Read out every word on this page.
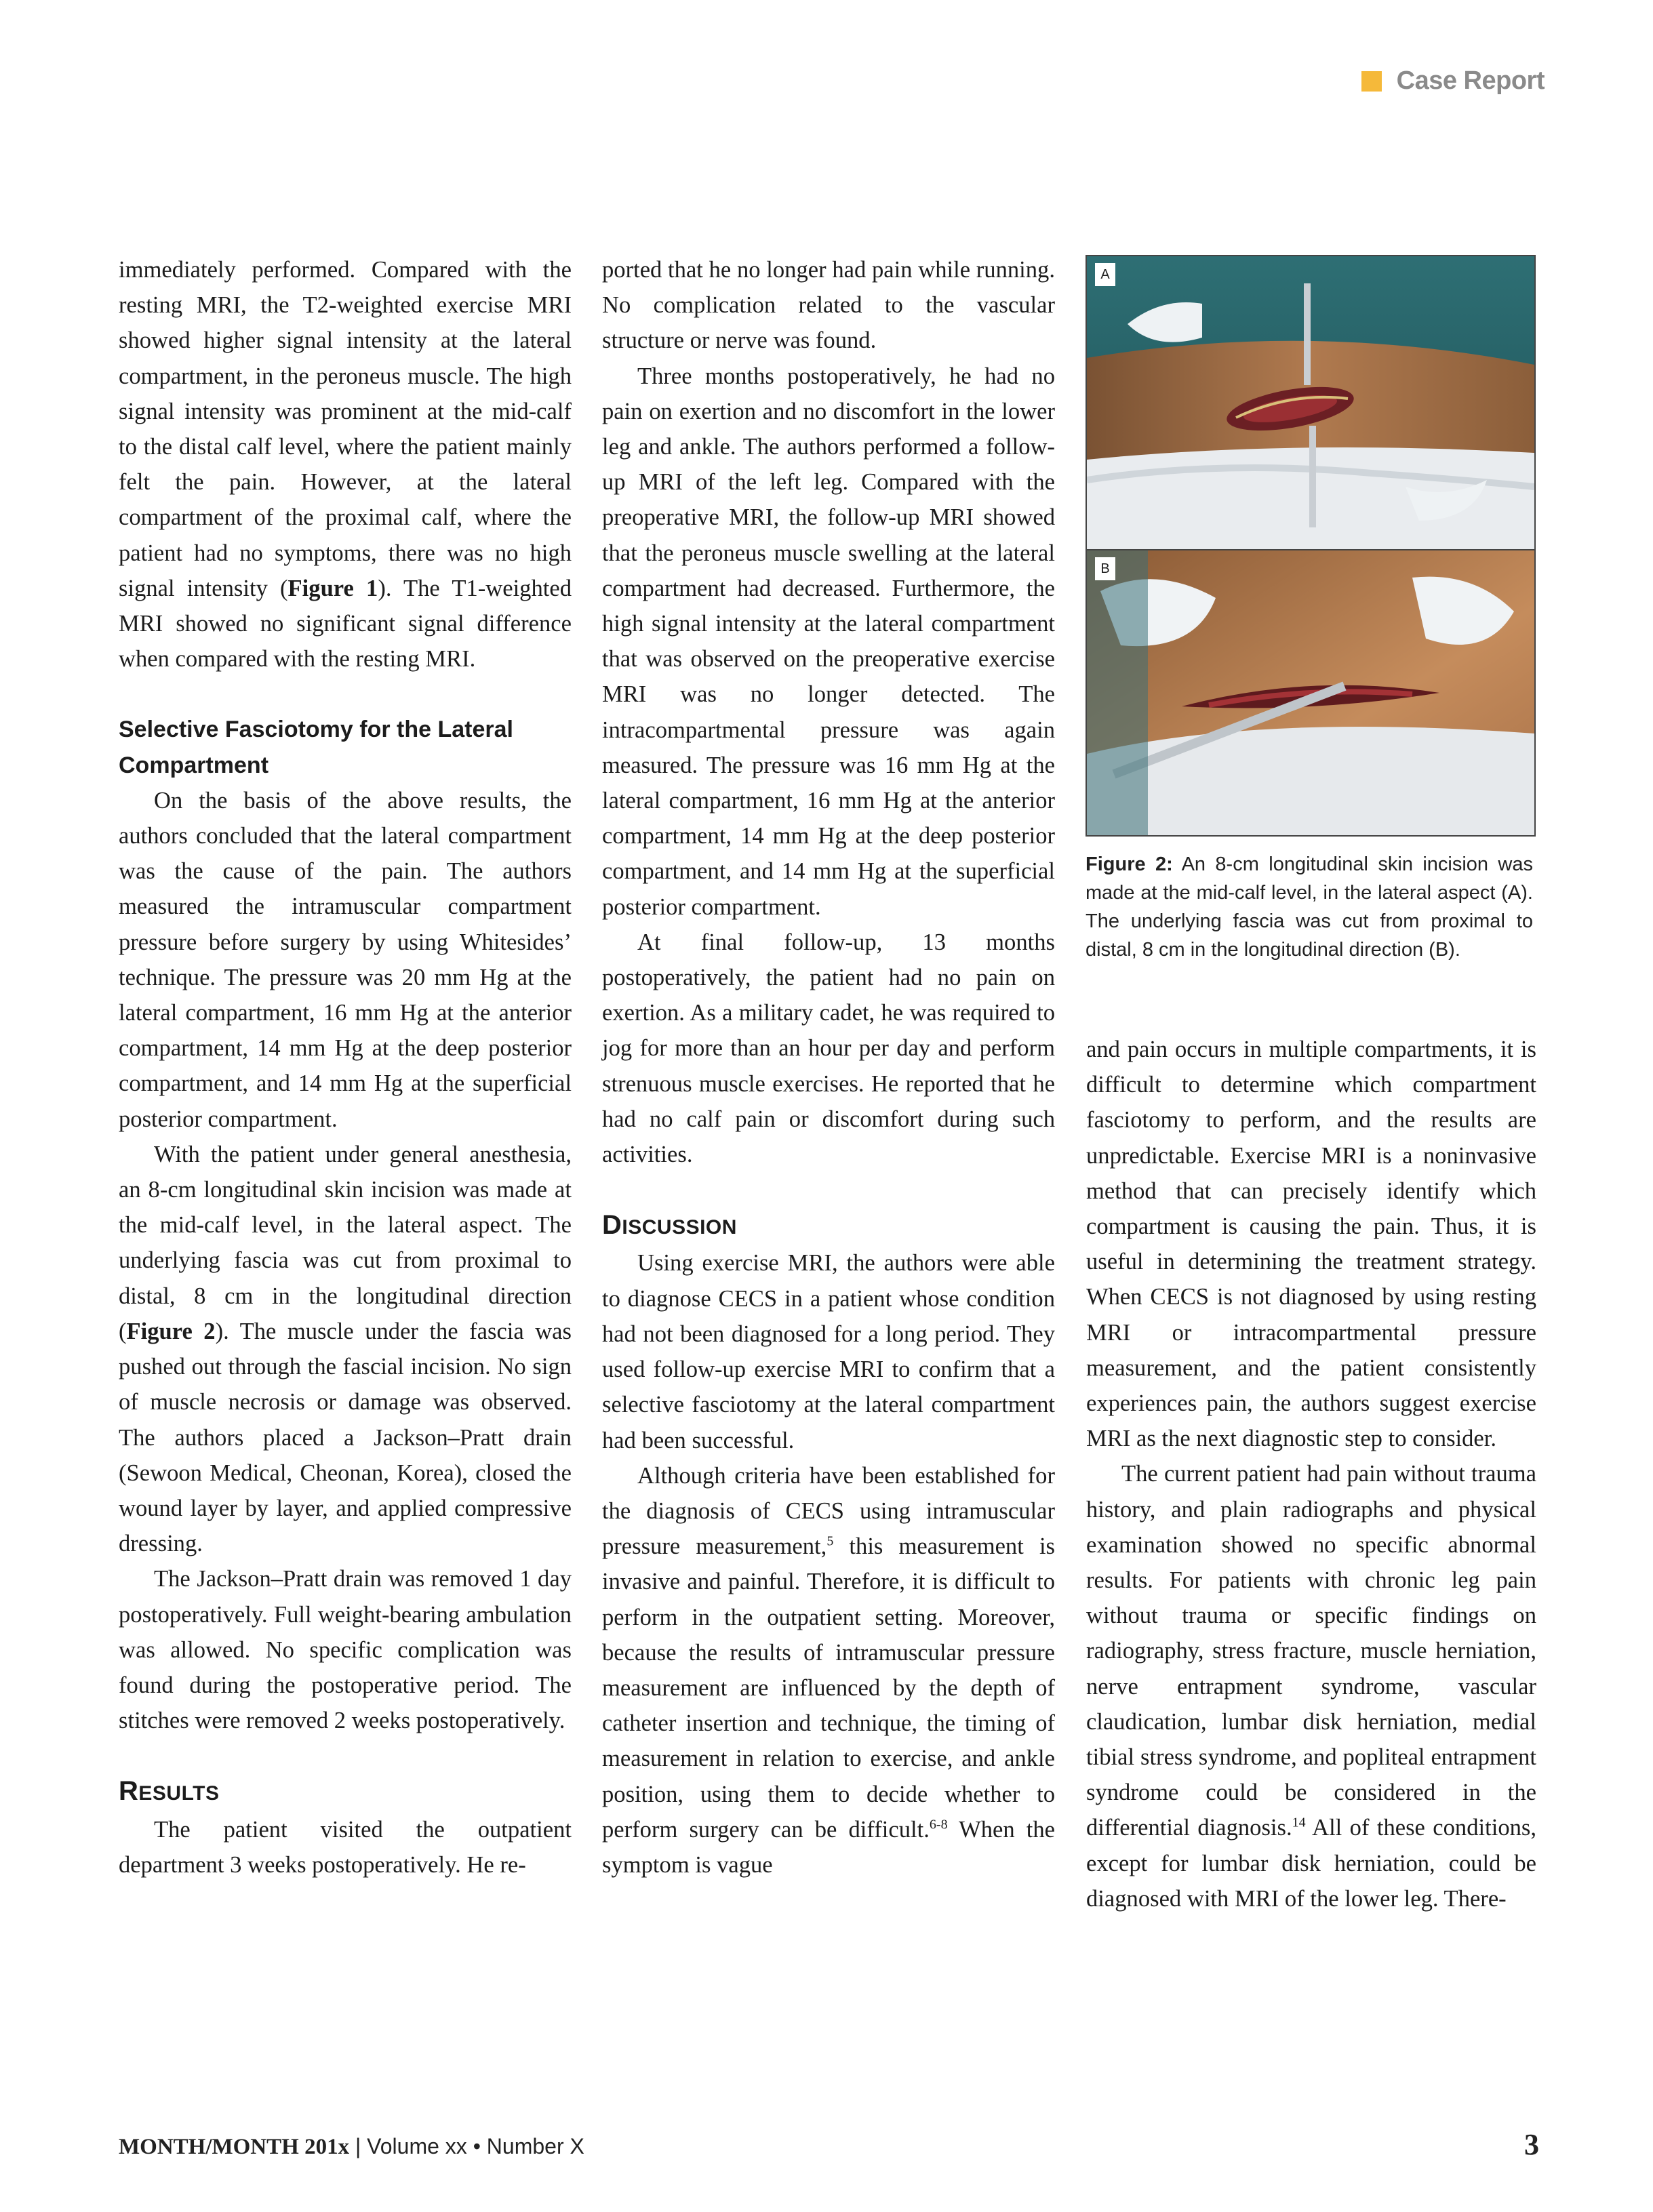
Case Report

immediately performed. Compared with the resting MRI, the T2-weighted exercise MRI showed higher signal intensity at the lateral compartment, in the peroneus muscle. The high signal intensity was prominent at the mid-calf to the distal calf level, where the patient mainly felt the pain. However, at the lateral compartment of the proximal calf, where the patient had no symptoms, there was no high signal intensity (Figure 1). The T1-weighted MRI showed no significant signal difference when compared with the resting MRI.

Selective Fasciotomy for the Lateral Compartment

On the basis of the above results, the authors concluded that the lateral compartment was the cause of the pain. The authors measured the intramuscular compartment pressure before surgery by using Whitesides’ technique. The pressure was 20 mm Hg at the lateral compartment, 16 mm Hg at the anterior compartment, 14 mm Hg at the deep posterior compartment, and 14 mm Hg at the superficial posterior compartment.

With the patient under general anesthesia, an 8-cm longitudinal skin incision was made at the mid-calf level, in the lateral aspect. The underlying fascia was cut from proximal to distal, 8 cm in the longitudinal direction (Figure 2). The muscle under the fascia was pushed out through the fascial incision. No sign of muscle necrosis or damage was observed. The authors placed a Jackson–Pratt drain (Sewoon Medical, Cheonan, Korea), closed the wound layer by layer, and applied compressive dressing.

The Jackson–Pratt drain was removed 1 day postoperatively. Full weight-bearing ambulation was allowed. No specific complication was found during the postoperative period. The stitches were removed 2 weeks postoperatively.

RESULTS

The patient visited the outpatient department 3 weeks postoperatively. He re-

ported that he no longer had pain while running. No complication related to the vascular structure or nerve was found.

Three months postoperatively, he had no pain on exertion and no discomfort in the lower leg and ankle. The authors performed a follow-up MRI of the left leg. Compared with the preoperative MRI, the follow-up MRI showed that the peroneus muscle swelling at the lateral compartment had decreased. Furthermore, the high signal intensity at the lateral compartment that was observed on the preoperative exercise MRI was no longer detected. The intracompartmental pressure was again measured. The pressure was 16 mm Hg at the lateral compartment, 16 mm Hg at the anterior compartment, 14 mm Hg at the deep posterior compartment, and 14 mm Hg at the superficial posterior compartment.

At final follow-up, 13 months postoperatively, the patient had no pain on exertion. As a military cadet, he was required to jog for more than an hour per day and perform strenuous muscle exercises. He reported that he had no calf pain or discomfort during such activities.

DISCUSSION

Using exercise MRI, the authors were able to diagnose CECS in a patient whose condition had not been diagnosed for a long period. They used follow-up exercise MRI to confirm that a selective fasciotomy at the lateral compartment had been successful.

Although criteria have been established for the diagnosis of CECS using intramuscular pressure measurement,$^5$ this measurement is invasive and painful. Therefore, it is difficult to perform in the outpatient setting. Moreover, because the results of intramuscular pressure measurement are influenced by the depth of catheter insertion and technique, the timing of measurement in relation to exercise, and ankle position, using them to decide whether to perform surgery can be difficult.$^{6-8}$ When the symptom is vague

A
B
Figure 2: An 8-cm longitudinal skin incision was made at the mid-calf level, in the lateral aspect (A). The underlying fascia was cut from proximal to distal, 8 cm in the longitudinal direction (B).

and pain occurs in multiple compartments, it is difficult to determine which compartment fasciotomy to perform, and the results are unpredictable. Exercise MRI is a noninvasive method that can precisely identify which compartment is causing the pain. Thus, it is useful in determining the treatment strategy. When CECS is not diagnosed by using resting MRI or intracompartmental pressure measurement, and the patient consistently experiences pain, the authors suggest exercise MRI as the next diagnostic step to consider.

The current patient had pain without trauma history, and plain radiographs and physical examination showed no specific abnormal results. For patients with chronic leg pain without trauma or specific findings on radiography, stress fracture, muscle herniation, nerve entrapment syndrome, vascular claudication, lumbar disk herniation, medial tibial stress syndrome, and popliteal entrapment syndrome could be considered in the differential diagnosis.$^{14}$ All of these conditions, except for lumbar disk herniation, could be diagnosed with MRI of the lower leg. There-

MONTH/MONTH 201x | Volume xx • Number X	3
